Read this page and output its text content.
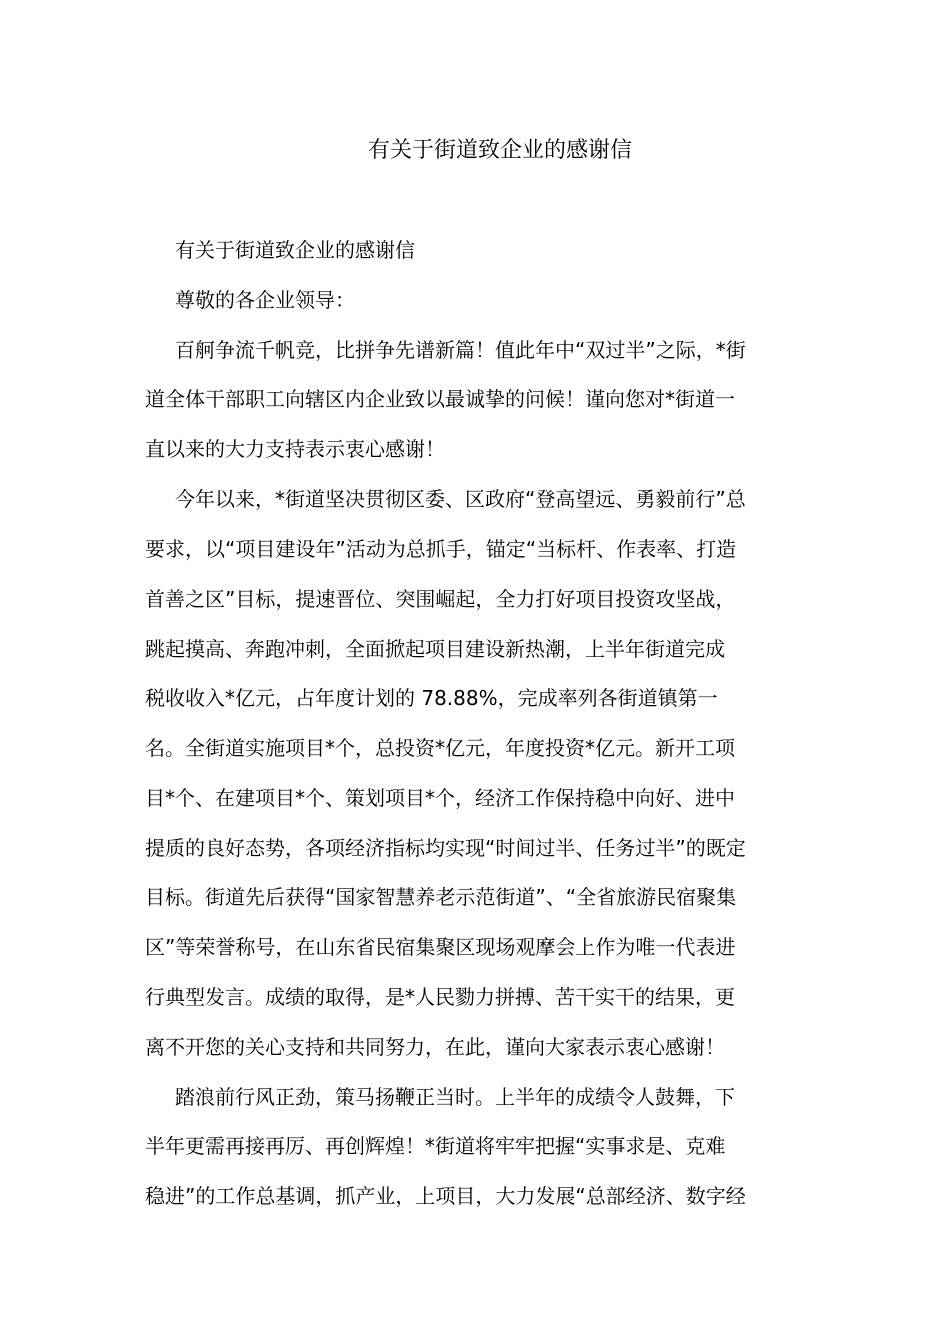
有关于街道致企业的感谢信
有关于街道致企业的感谢信
尊敬的各企业领导：
百舸争流千帆竞，比拼争先谱新篇！值此年中“双过半”之际，*街
道全体干部职工向辖区内企业致以最诚挚的问候！谨向您对*街道一
直以来的大力支持表示衷心感谢！
今年以来，*街道坚决贯彻区委、区政府“登高望远、勇毅前行”总
要求，以“项目建设年”活动为总抓手，锚定“当标杆、作表率、打造
首善之区”目标，提速晋位、突围崛起，全力打好项目投资攻坚战，
跳起摸高、奔跑冲刺，全面掀起项目建设新热潮，上半年街道完成
税收收入*亿元，占年度计划的 78.88%，完成率列各街道镇第一
名。全街道实施项目*个，总投资*亿元，年度投资*亿元。新开工项
目*个、在建项目*个、策划项目*个，经济工作保持稳中向好、进中
提质的良好态势，各项经济指标均实现“时间过半、任务过半”的既定
目标。街道先后获得“国家智慧养老示范街道”、“全省旅游民宿聚集
区”等荣誉称号，在山东省民宿集聚区现场观摩会上作为唯一代表进
行典型发言。成绩的取得，是*人民勠力拼搏、苦干实干的结果，更
离不开您的关心支持和共同努力，在此，谨向大家表示衷心感谢！
踏浪前行风正劲，策马扬鞭正当时。上半年的成绩令人鼓舞，下
半年更需再接再厉、再创辉煌！*街道将牢牢把握“实事求是、克难
稳进”的工作总基调，抓产业，上项目，大力发展“总部经济、数字经
